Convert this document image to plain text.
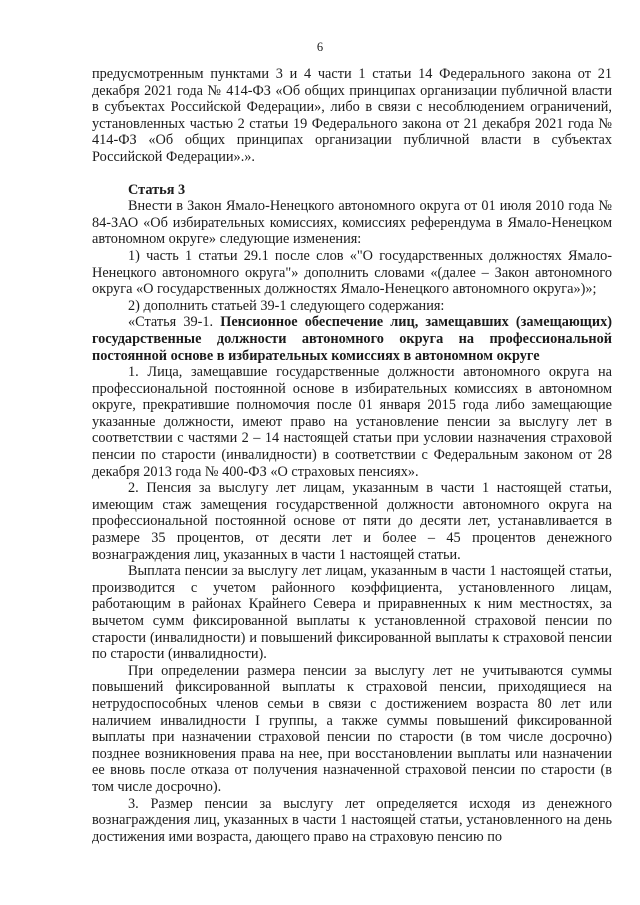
6

предусмотренным пунктами 3 и 4 части 1 статьи 14 Федерального закона от 21 декабря 2021 года № 414-ФЗ «Об общих принципах организации публичной власти в субъектах Российской Федерации», либо в связи с несоблюдением ограничений, установленных частью 2 статьи 19 Федерального закона от 21 декабря 2021 года № 414-ФЗ «Об общих принципах организации публичной власти в субъектах Российской Федерации».».

Статья 3

Внести в Закон Ямало-Ненецкого автономного округа от 01 июля 2010 года № 84-ЗАО «Об избирательных комиссиях, комиссиях референдума в Ямало-Ненецком автономном округе» следующие изменения:

1) часть 1 статьи 29.1 после слов «"О государственных должностях Ямало-Ненецкого автономного округа"» дополнить словами «(далее – Закон автономного округа «О государственных должностях Ямало-Ненецкого автономного округа»)»;

2) дополнить статьей 39-1 следующего содержания:

«Статья 39-1. Пенсионное обеспечение лиц, замещавших (замещающих) государственные должности автономного округа на профессиональной постоянной основе в избирательных комиссиях в автономном округе

1. Лица, замещавшие государственные должности автономного округа на профессиональной постоянной основе в избирательных комиссиях в автономном округе, прекратившие полномочия после 01 января 2015 года либо замещающие указанные должности, имеют право на установление пенсии за выслугу лет в соответствии с частями 2 – 14 настоящей статьи при условии назначения страховой пенсии по старости (инвалидности) в соответствии с Федеральным законом от 28 декабря 2013 года № 400-ФЗ «О страховых пенсиях».

2. Пенсия за выслугу лет лицам, указанным в части 1 настоящей статьи, имеющим стаж замещения государственной должности автономного округа на профессиональной постоянной основе от пяти до десяти лет, устанавливается в размере 35 процентов, от десяти лет и более – 45 процентов денежного вознаграждения лиц, указанных в части 1 настоящей статьи.

Выплата пенсии за выслугу лет лицам, указанным в части 1 настоящей статьи, производится с учетом районного коэффициента, установленного лицам, работающим в районах Крайнего Севера и приравненных к ним местностях, за вычетом сумм фиксированной выплаты к установленной страховой пенсии по старости (инвалидности) и повышений фиксированной выплаты к страховой пенсии по старости (инвалидности).

При определении размера пенсии за выслугу лет не учитываются суммы повышений фиксированной выплаты к страховой пенсии, приходящиеся на нетрудоспособных членов семьи в связи с достижением возраста 80 лет или наличием инвалидности I группы, а также суммы повышений фиксированной выплаты при назначении страховой пенсии по старости (в том числе досрочно) позднее возникновения права на нее, при восстановлении выплаты или назначении ее вновь после отказа от получения назначенной страховой пенсии по старости (в том числе досрочно).

3. Размер пенсии за выслугу лет определяется исходя из денежного вознаграждения лиц, указанных в части 1 настоящей статьи, установленного на день достижения ими возраста, дающего право на страховую пенсию по
